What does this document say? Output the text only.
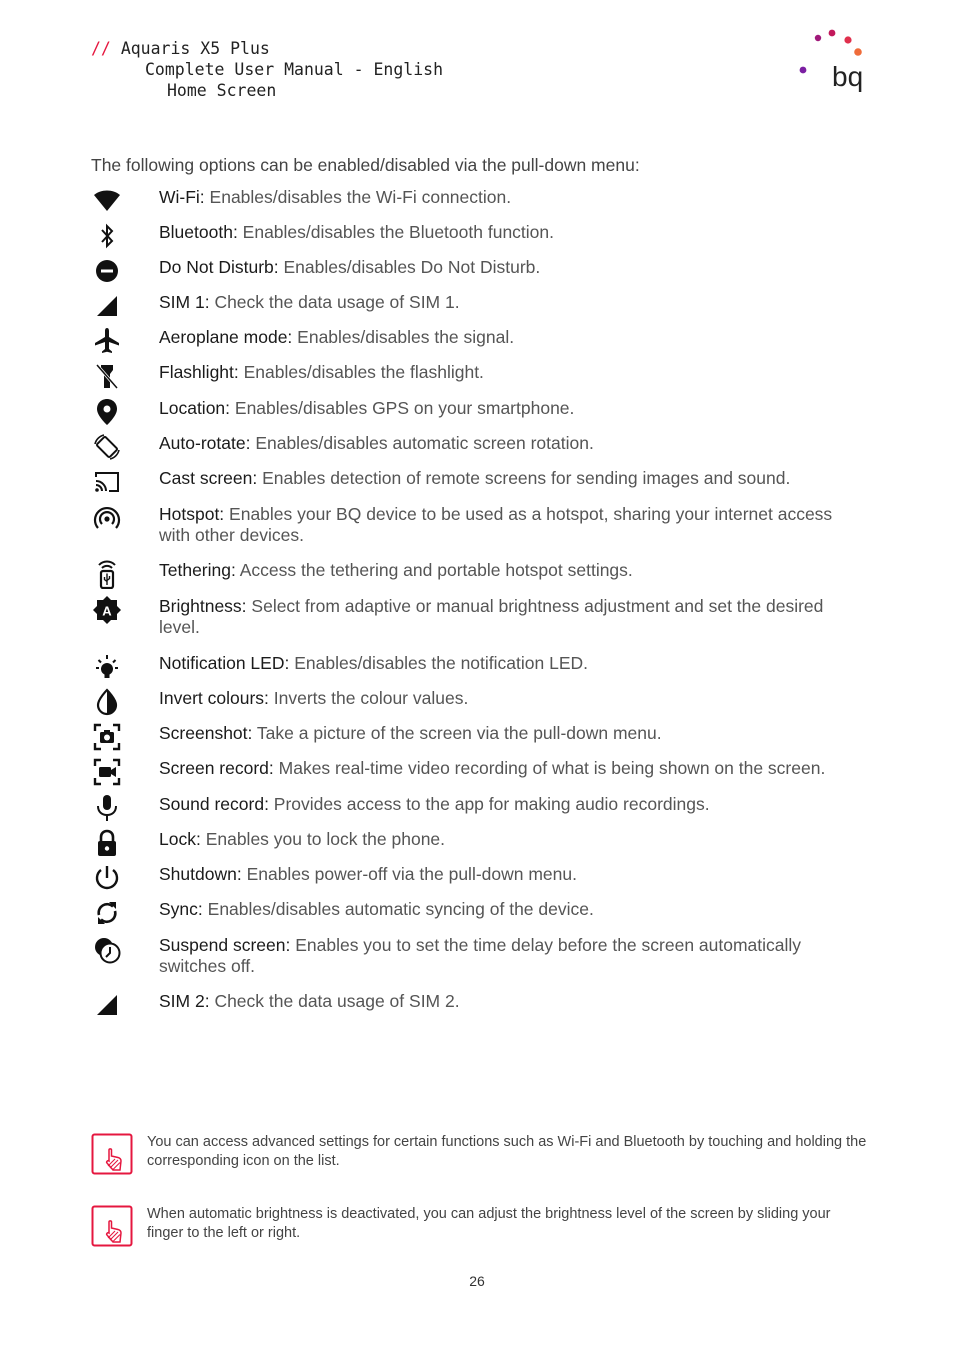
// Aquaris X5 Plus
Complete User Manual - English
Home Screen	bq
The following options can be enabled/disabled via the pull-down menu:
Wi-Fi: Enables/disables the Wi-Fi connection.
Bluetooth: Enables/disables the Bluetooth function.
Do Not Disturb: Enables/disables Do Not Disturb.
SIM 1: Check the data usage of SIM 1.
Aeroplane mode: Enables/disables the signal.
Flashlight: Enables/disables the flashlight.
Location: Enables/disables GPS on your smartphone.
Auto-rotate: Enables/disables automatic screen rotation.
Cast screen: Enables detection of remote screens for sending images and sound.
Hotspot: Enables your BQ device to be used as a hotspot, sharing your internet access with other devices.
Tethering: Access the tethering and portable hotspot settings.
A	Brightness: Select from adaptive or manual brightness adjustment and set the desired level.
Notification LED: Enables/disables the notification LED.
Invert colours: Inverts the colour values.
Screenshot: Take a picture of the screen via the pull-down menu.
Screen record: Makes real-time video recording of what is being shown on the screen.
Sound record: Provides access to the app for making audio recordings.
Lock: Enables you to lock the phone.
Shutdown: Enables power-off via the pull-down menu.
Sync: Enables/disables automatic syncing of the device.
Suspend screen: Enables you to set the time delay before the screen automatically switches off.
SIM 2: Check the data usage of SIM 2.
You can access advanced settings for certain functions such as Wi-Fi and Bluetooth by touching and holding the corresponding icon on the list.
When automatic brightness is deactivated, you can adjust the brightness level of the screen by sliding your finger to the left or right.
26
